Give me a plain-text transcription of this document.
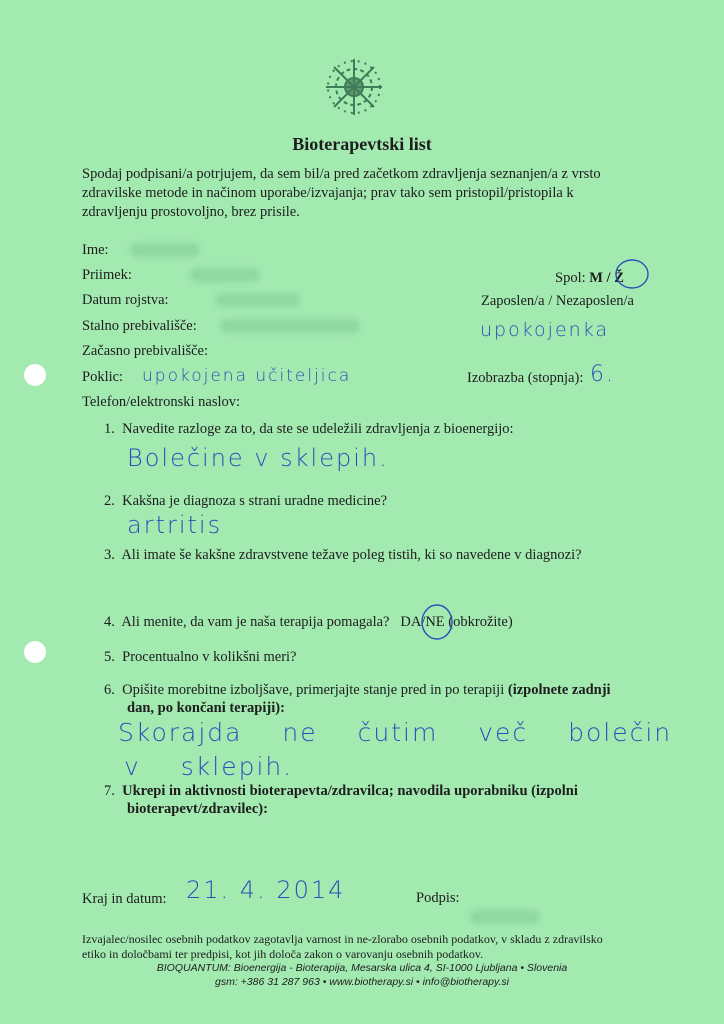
Bioterapevtski list
Spodaj podpisani/a potrjujem, da sem bil/a pred začetkom zdravljenja seznanjen/a z vrsto
zdravilske metode in načinom uporabe/izvajanja; prav tako sem pristopil/pristopila k
zdravljenju prostovoljno, brez prisile.
Ime:
Priimek:	Spol: M / Ž
Datum rojstva:	Zaposlen/a / Nezaposlen/a
Stalno prebivališče:	upokojenka
Začasno prebivališče:
Poklic: upokojena učiteljica	Izobrazba (stopnja): 6.
Telefon/elektronski naslov:
1. Navedite razloge za to, da ste se udeležili zdravljenja z bioenergijo:
Bolečine v sklepih.
2. Kakšna je diagnoza s strani uradne medicine?
artritis
3. Ali imate še kakšne zdravstvene težave poleg tistih, ki so navedene v diagnozi?
4. Ali menite, da vam je naša terapija pomagala? DA/NE (obkrožite)
5. Procentualno v kolikšni meri?
6. Opišite morebitne izboljšave, primerjajte stanje pred in po terapiji (izpolnete zadnji
dan, po končani terapiji):
Skorajda ne čutim več bolečin
v sklepih.
7. Ukrepi in aktivnosti bioterapevta/zdravilca; navodila uporabniku (izpolni
bioterapevt/zdravilec):
Kraj in datum: 21. 4. 2014	Podpis:
Izvajalec/nosilec osebnih podatkov zagotavlja varnost in ne-zlorabo osebnih podatkov, v skladu z zdravilsko
etiko in določbami ter predpisi, kot jih določa zakon o varovanju osebnih podatkov.
BIOQUANTUM: Bioenergija - Bioterapija, Mesarska ulica 4, SI-1000 Ljubljana • Slovenia
gsm: +386 31 287 963 • www.biotherapy.si • info@biotherapy.si
